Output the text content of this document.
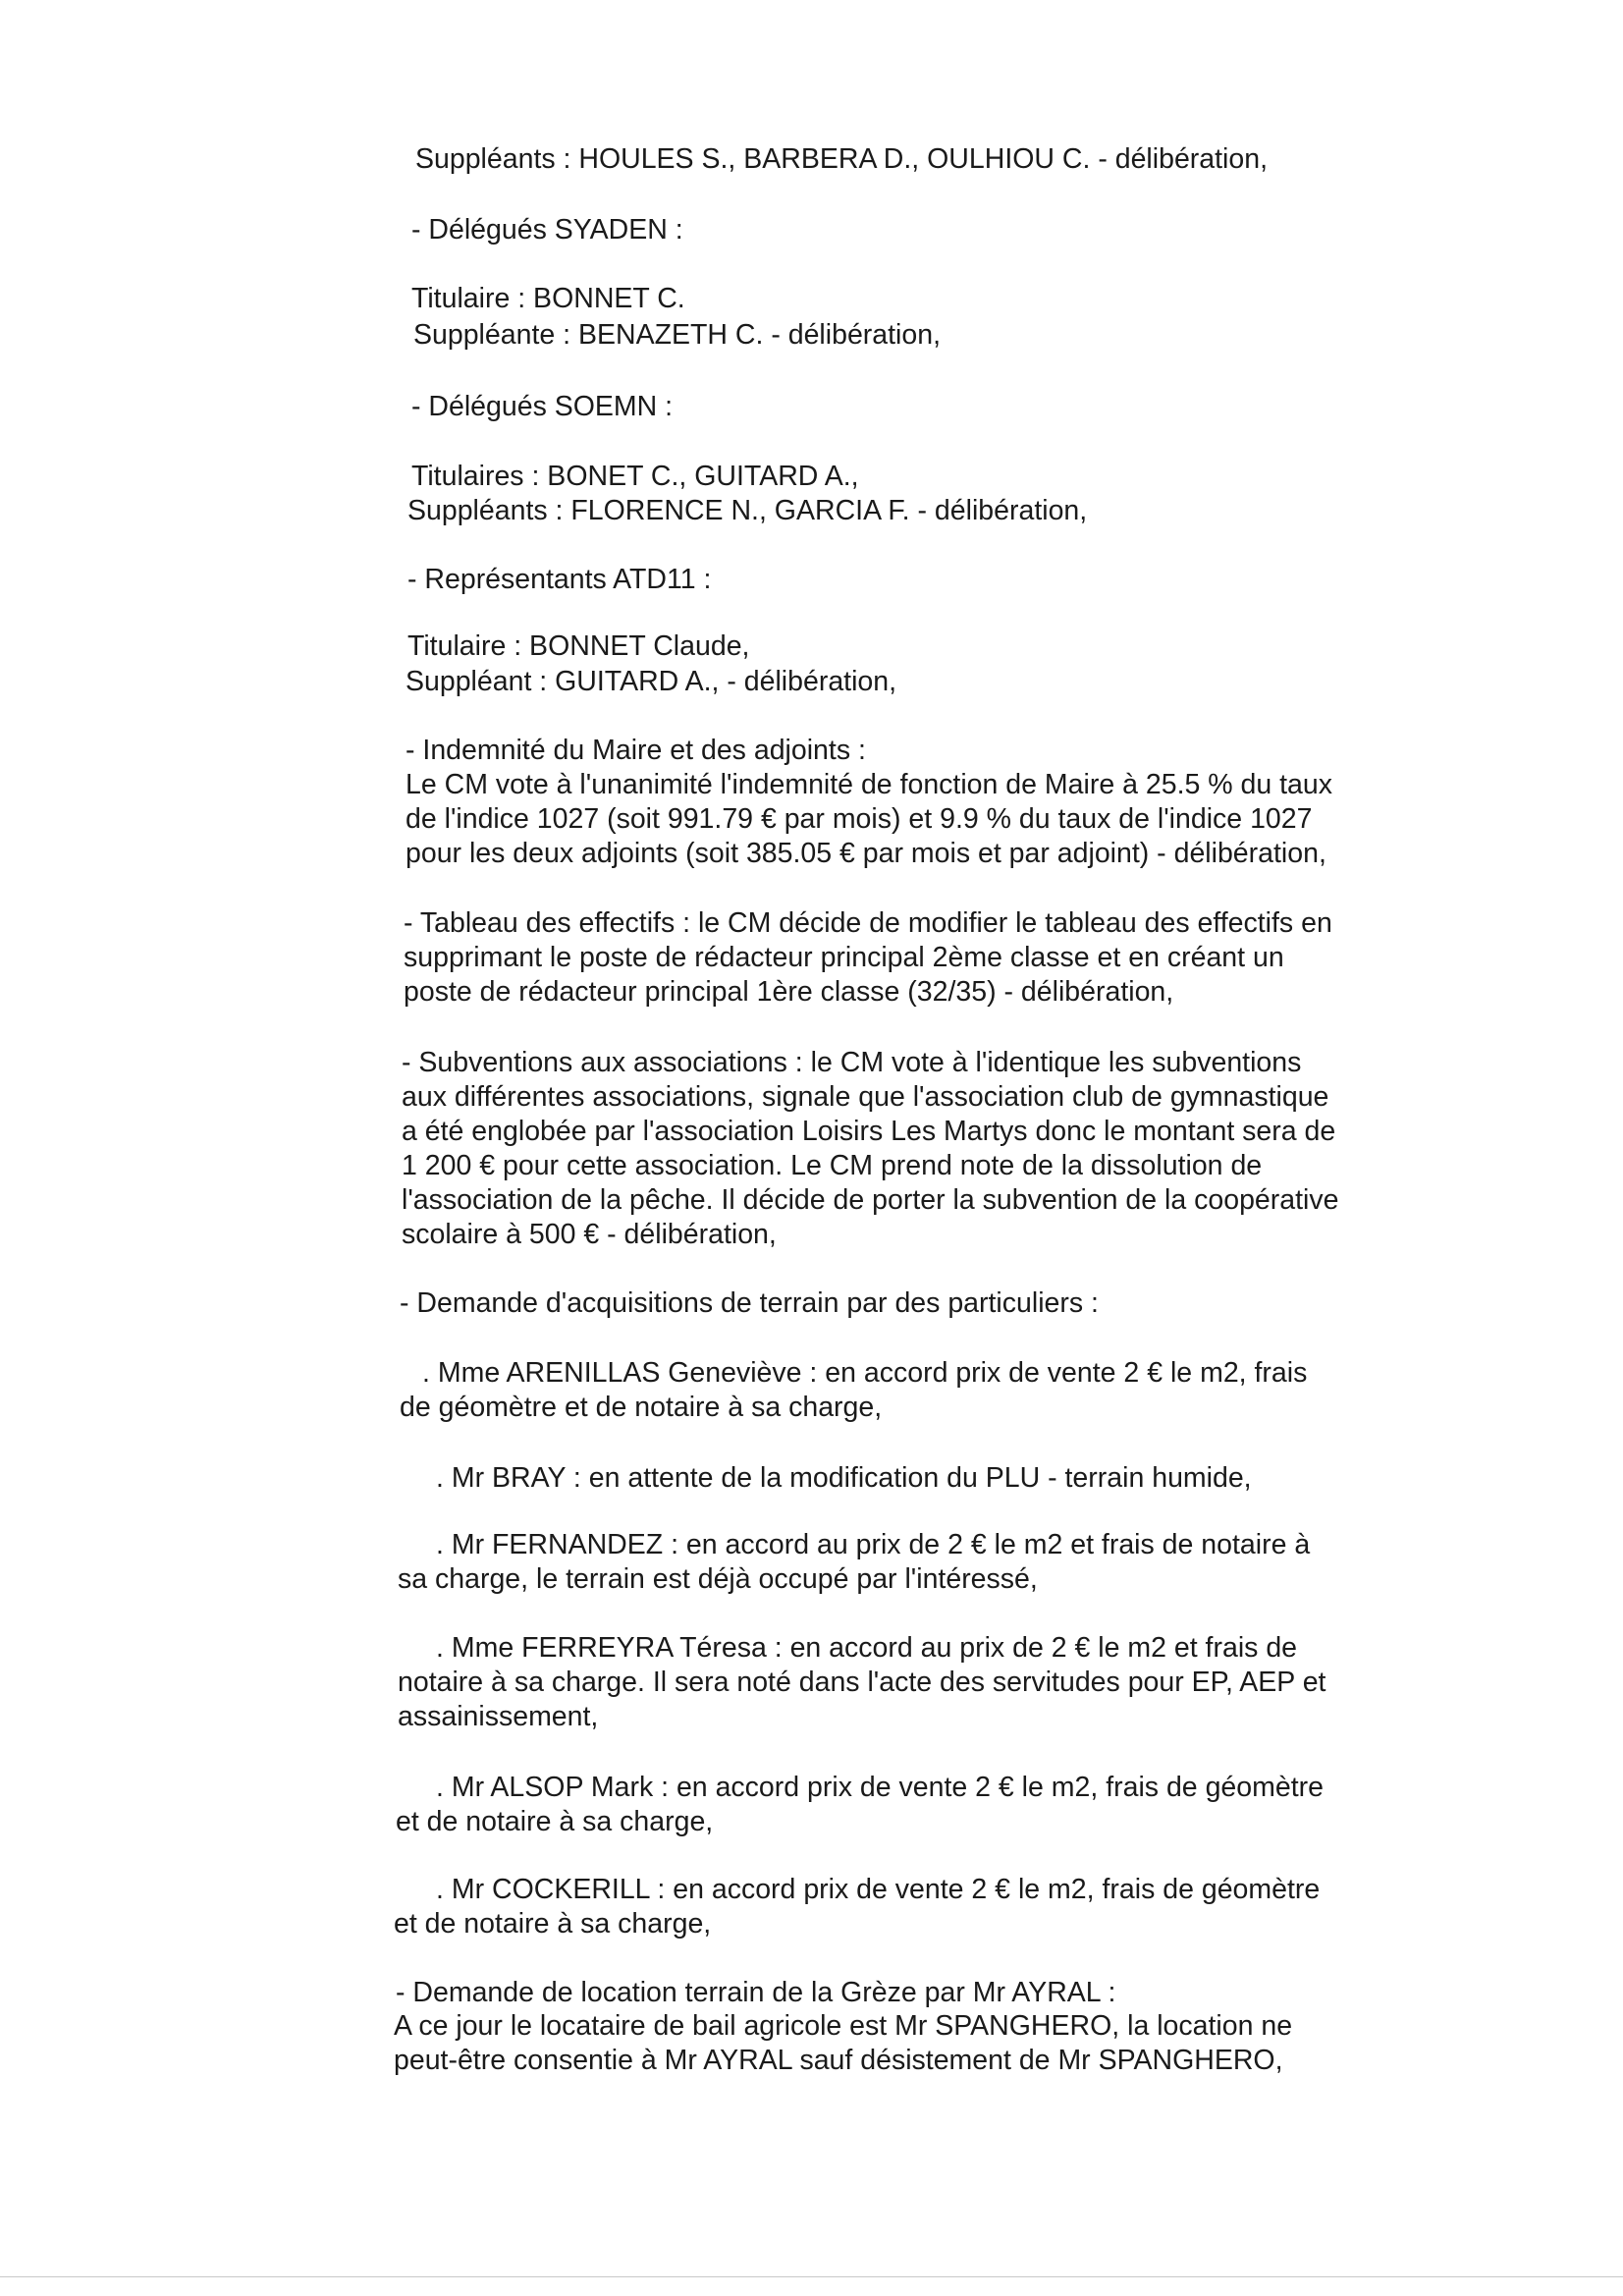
Suppléants : HOULES S., BARBERA D., OULHIOU C. - délibération,

- Délégués SYADEN :

Titulaire : BONNET C.

Suppléante : BENAZETH C. - délibération,

- Délégués SOEMN :

Titulaires : BONET C., GUITARD A.,

Suppléants : FLORENCE N., GARCIA F. - délibération,

- Représentants ATD11 :

Titulaire : BONNET Claude,

Suppléant : GUITARD A., - délibération,

- Indemnité du Maire et des adjoints :

Le CM vote à l'unanimité l'indemnité de fonction de Maire à 25.5 % du taux

de l'indice 1027 (soit 991.79 € par mois) et 9.9 % du taux de l'indice 1027

pour les deux adjoints (soit 385.05 € par mois et par adjoint) - délibération,

- Tableau des effectifs : le CM décide de modifier le tableau des effectifs en

supprimant le poste de rédacteur principal 2ème classe et en créant un

poste de rédacteur principal 1ère classe (32/35) - délibération,

- Subventions aux associations : le CM vote à l'identique les subventions

aux différentes associations, signale que l'association club de gymnastique

a été englobée par l'association Loisirs Les Martys donc le montant sera de

1 200 € pour cette association. Le CM prend note de la dissolution de

l'association de la pêche. Il décide de porter la subvention de la coopérative

scolaire à 500 € - délibération,

- Demande d'acquisitions de terrain par des particuliers :

. Mme ARENILLAS Geneviève : en accord prix de vente 2 € le m2, frais

de géomètre et de notaire à sa charge,

. Mr BRAY : en attente de la modification du PLU - terrain humide,

. Mr FERNANDEZ : en accord au prix de 2 € le m2 et frais de notaire à

sa charge, le terrain est déjà occupé par l'intéressé,

. Mme FERREYRA Téresa : en accord au prix de 2 € le m2 et frais de

notaire à sa charge. Il sera noté dans l'acte des servitudes pour EP, AEP et

assainissement,

. Mr ALSOP Mark : en accord prix de vente 2 € le m2, frais de géomètre

et de notaire à sa charge,

. Mr COCKERILL : en accord prix de vente 2 € le m2, frais de géomètre

et de notaire à sa charge,

- Demande de location terrain de la Grèze par Mr AYRAL :

A ce jour le locataire de bail agricole est Mr SPANGHERO, la location ne

peut-être consentie à Mr AYRAL sauf désistement de Mr SPANGHERO,
